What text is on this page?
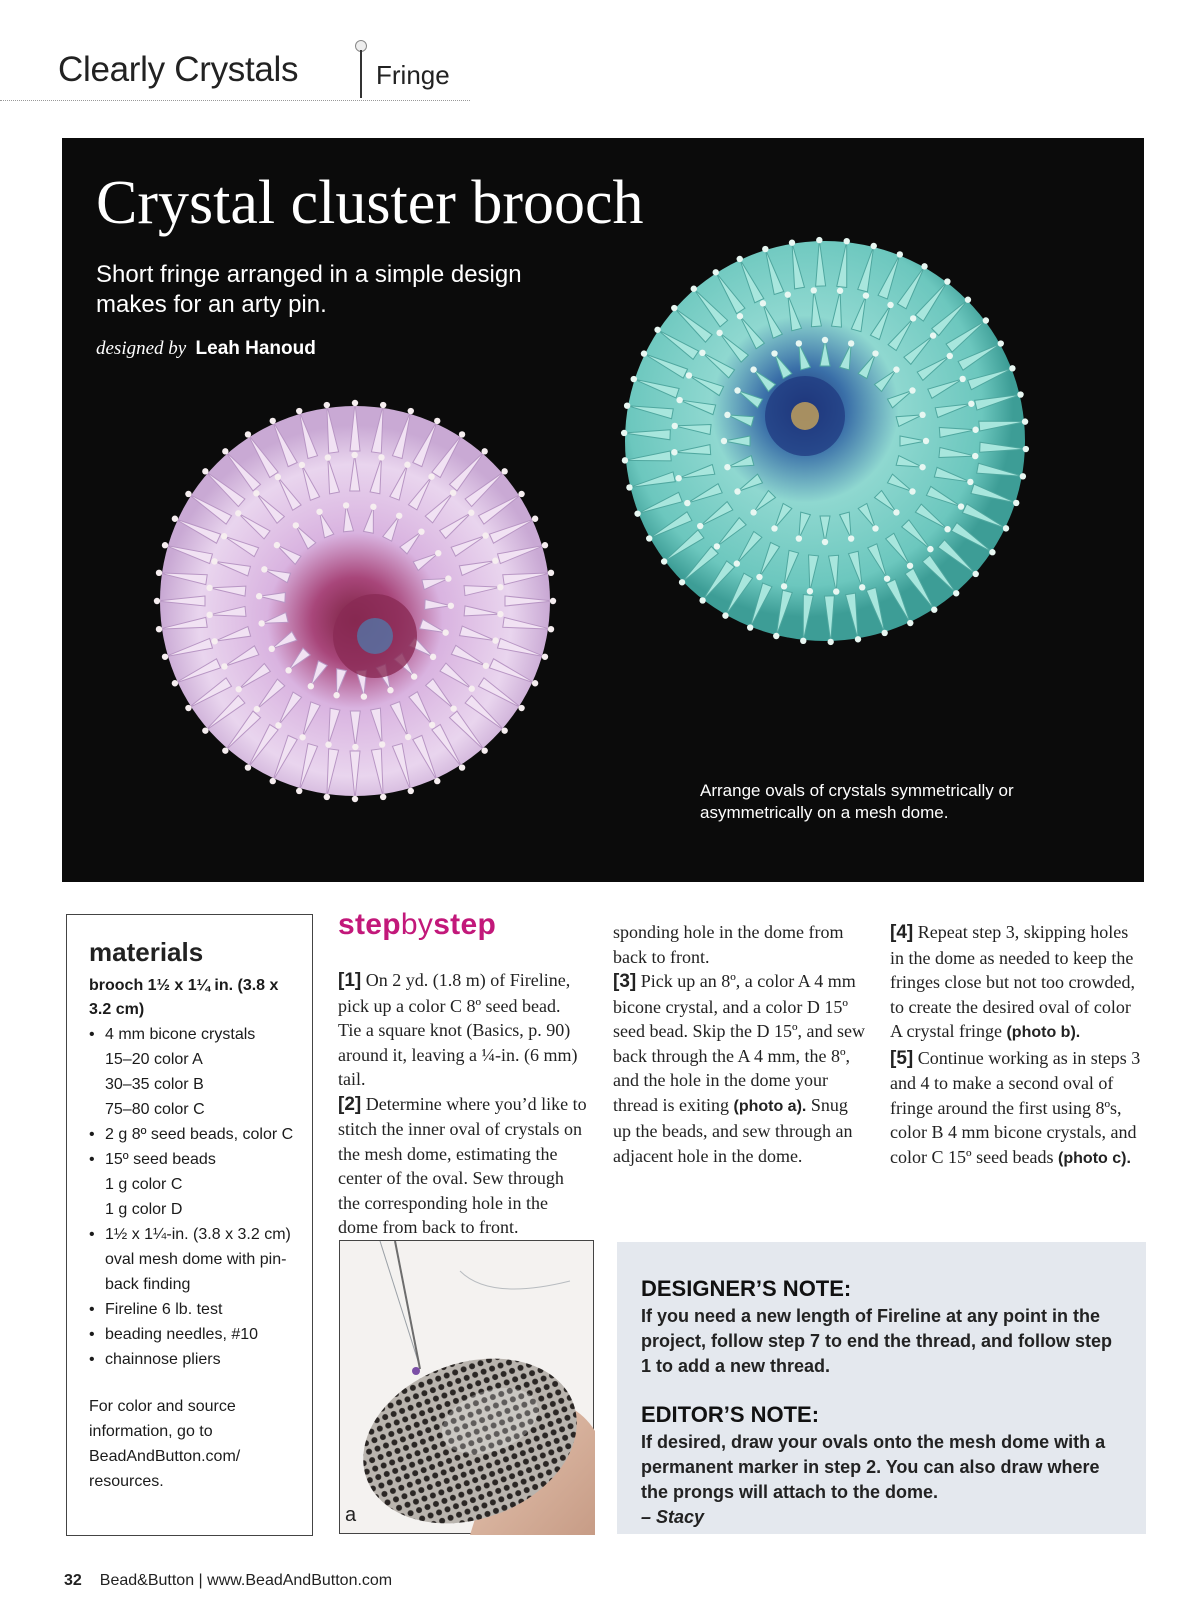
Clearly Crystals	Fringe
Crystal cluster brooch
Short fringe arranged in a simple design makes for an arty pin.
designed by Leah Hanoud
Arrange ovals of crystals symmetrically or asymmetrically on a mesh dome.
materials
brooch 1½ x 1¼ in. (3.8 x 3.2 cm)
• 4 mm bicone crystals
15–20 color A
30–35 color B
75–80 color C
• 2 g 8º seed beads, color C
• 15º seed beads
1 g color C
1 g color D
• 1½ x 1¼-in. (3.8 x 3.2 cm) oval mesh dome with pin-back finding
• Fireline 6 lb. test
• beading needles, #10
• chainnose pliers
For color and source information, go to BeadAndButton.com/ resources.
stepbystep

[1] On 2 yd. (1.8 m) of Fireline, pick up a color C 8º seed bead. Tie a square knot (Basics, p. 90) around it, leaving a ¼-in. (6 mm) tail.

[2] Determine where you’d like to stitch the inner oval of crystals on the mesh dome, estimating the center of the oval. Sew through the corresponding hole in the dome from back to front.

sponding hole in the dome from back to front.

[3] Pick up an 8º, a color A 4 mm bicone crystal, and a color D 15º seed bead. Skip the D 15º, and sew back through the A 4 mm, the 8º, and the hole in the dome your thread is exiting (photo a). Snug up the beads, and sew through an adjacent hole in the dome.

[4] Repeat step 3, skipping holes in the dome as needed to keep the fringes close but not too crowded, to create the desired oval of color A crystal fringe (photo b).

[5] Continue working as in steps 3 and 4 to make a second oval of fringe around the first using 8ºs, color B 4 mm bicone crystals, and color C 15º seed beads (photo c).

a
DESIGNER’S NOTE:

If you need a new length of Fireline at any point in the project, follow step 7 to end the thread, and follow step 1 to add a new thread.

EDITOR’S NOTE:

If desired, draw your ovals onto the mesh dome with a permanent marker in step 2. You can also draw where the prongs will attach to the dome.

– Stacy

32 Bead&Button | www.BeadAndButton.com
